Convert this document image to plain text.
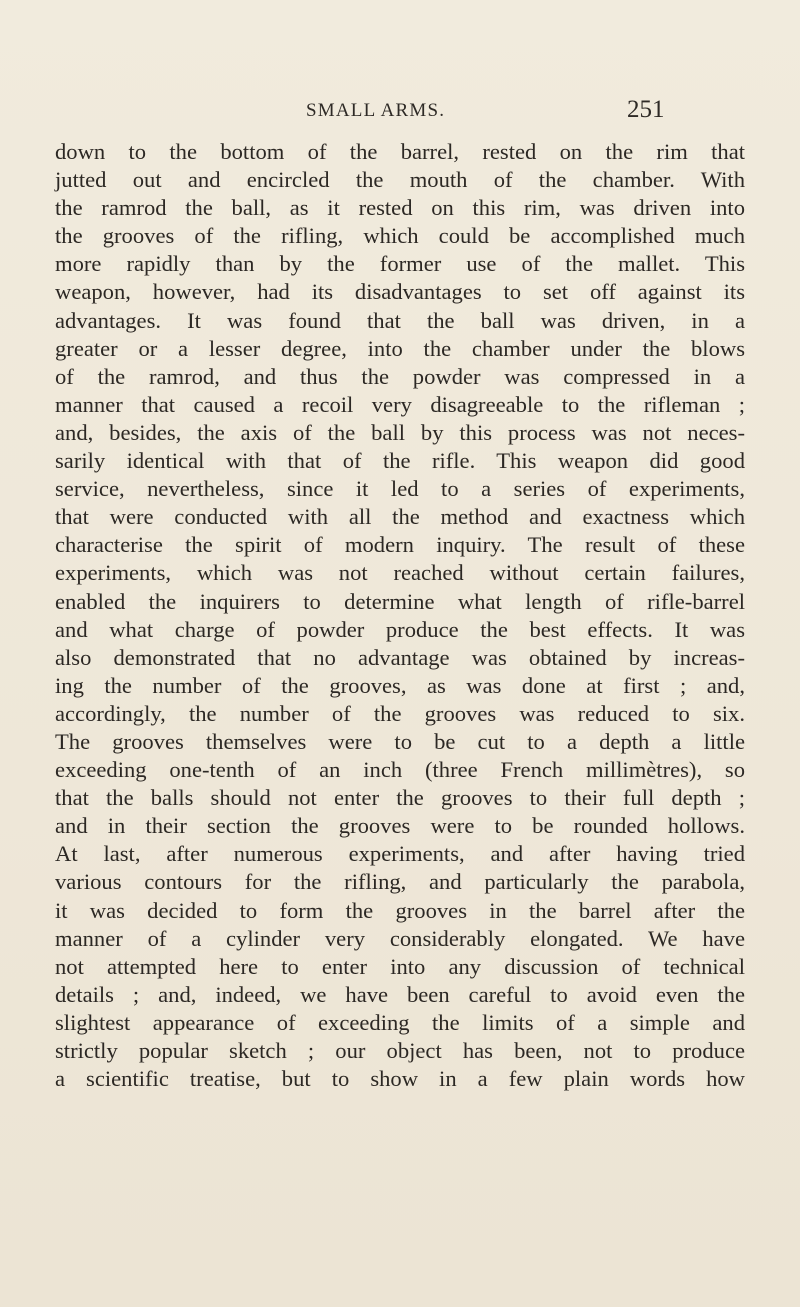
SMALL ARMS.	251
down to the bottom of the barrel, rested on the rim that
jutted out and encircled the mouth of the chamber. With
the ramrod the ball, as it rested on this rim, was driven into
the grooves of the rifling, which could be accomplished much
more rapidly than by the former use of the mallet. This
weapon, however, had its disadvantages to set off against its
advantages. It was found that the ball was driven, in a
greater or a lesser degree, into the chamber under the blows
of the ramrod, and thus the powder was compressed in a
manner that caused a recoil very disagreeable to the rifleman ;
and, besides, the axis of the ball by this process was not neces-
sarily identical with that of the rifle. This weapon did good
service, nevertheless, since it led to a series of experiments,
that were conducted with all the method and exactness which
characterise the spirit of modern inquiry. The result of these
experiments, which was not reached without certain failures,
enabled the inquirers to determine what length of rifle-barrel
and what charge of powder produce the best effects. It was
also demonstrated that no advantage was obtained by increas-
ing the number of the grooves, as was done at first ; and,
accordingly, the number of the grooves was reduced to six.
The grooves themselves were to be cut to a depth a little
exceeding one-tenth of an inch (three French millimètres), so
that the balls should not enter the grooves to their full depth ;
and in their section the grooves were to be rounded hollows.
At last, after numerous experiments, and after having tried
various contours for the rifling, and particularly the parabola,
it was decided to form the grooves in the barrel after the
manner of a cylinder very considerably elongated. We have
not attempted here to enter into any discussion of technical
details ; and, indeed, we have been careful to avoid even the
slightest appearance of exceeding the limits of a simple and
strictly popular sketch ; our object has been, not to produce
a scientific treatise, but to show in a few plain words how
